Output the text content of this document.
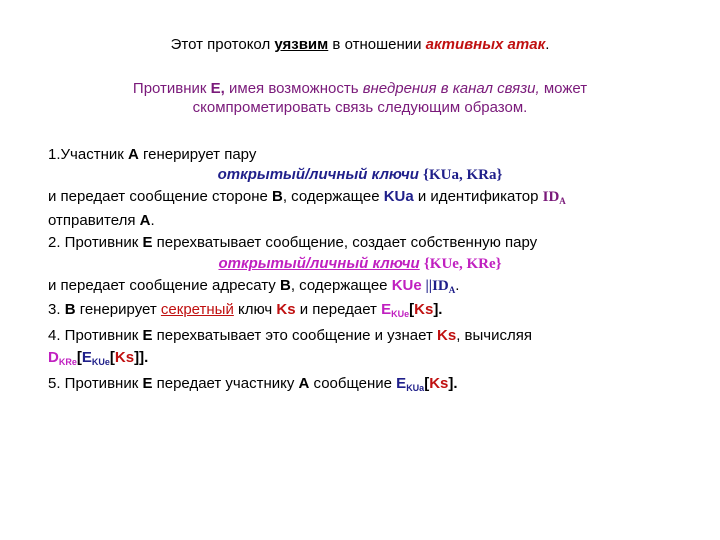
Этот протокол уязвим в отношении активных атак.
Противник E, имея возможность внедрения в канал связи, может
скомпрометировать связь следующим образом.
1.Участник A генерирует пару
открытый/личный ключи {KUa, KRa}
и передает сообщение стороне B, содержащее KUa и идентификатор $ID_A$
отправителя A.
2. Противник E перехватывает сообщение, создает собственную пару
открытый/личный ключи {KUe, KRe}
и передает сообщение адресату B, содержащее KUe $||ID_A$.
3. B генерирует секретный ключ Ks и передает $E_{KUe}[Ks]$.
4. Противник E перехватывает это сообщение и узнает Ks, вычисляя
$D_{KRe}[E_{KUe}[Ks]]$.
5. Противник E передает участнику A сообщение $E_{KUa}[Ks]$.
